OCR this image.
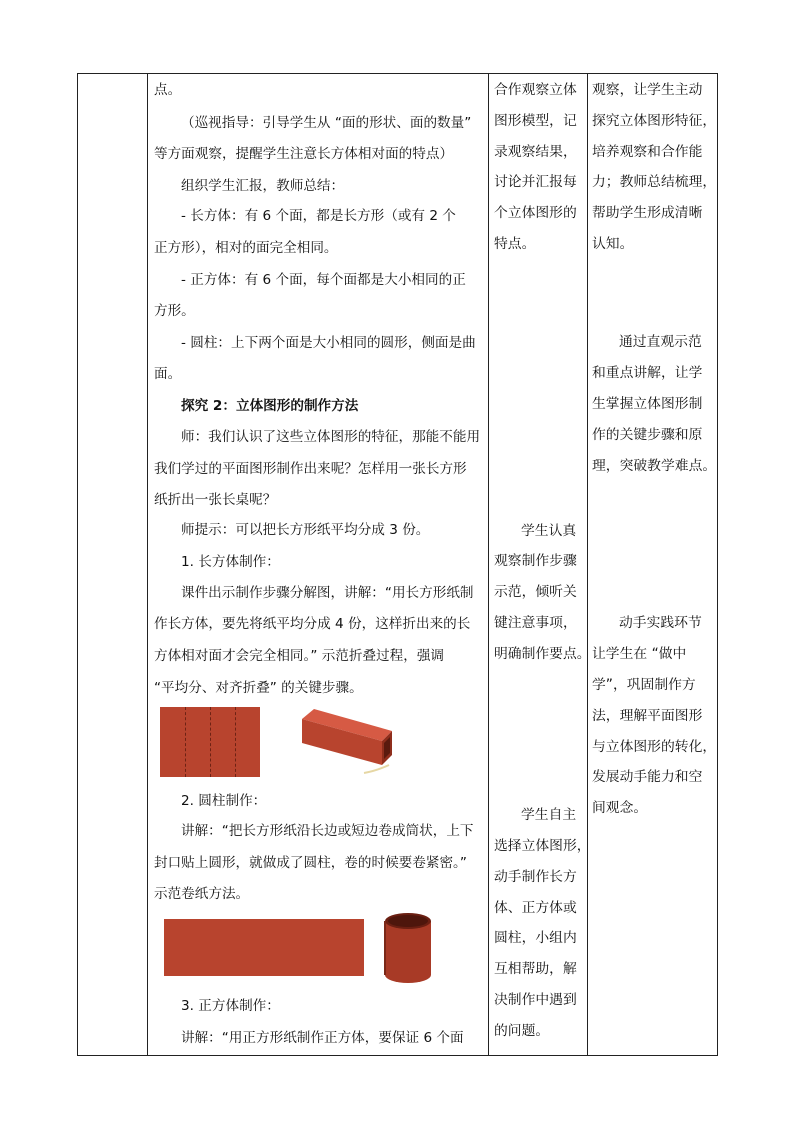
点。

（巡视指导：引导学生从 “面的形状、面的数量”

等方面观察，提醒学生注意长方体相对面的特点）

组织学生汇报，教师总结：

- 长方体：有 6 个面，都是长方形（或有 2 个

正方形），相对的面完全相同。

- 正方体：有 6 个面，每个面都是大小相同的正

方形。

- 圆柱：上下两个面是大小相同的圆形，侧面是曲

面。

探究 2：立体图形的制作方法

师：我们认识了这些立体图形的特征，那能不能用

我们学过的平面图形制作出来呢？怎样用一张长方形

纸折出一张长桌呢？

师提示：可以把长方形纸平均分成 3 份。

1. 长方体制作：

课件出示制作步骤分解图，讲解：“用长方形纸制

作长方体，要先将纸平均分成 4 份，这样折出来的长

方体相对面才会完全相同。” 示范折叠过程，强调

“平均分、对齐折叠” 的关键步骤。

2. 圆柱制作：

讲解：“把长方形纸沿长边或短边卷成筒状，上下

封口贴上圆形，就做成了圆柱，卷的时候要卷紧密。”

示范卷纸方法。

3. 正方体制作：

讲解：“用正方形纸制作正方体，要保证 6 个面

合作观察立体

图形模型，记

录观察结果，

讨论并汇报每

个立体图形的

特点。

学生认真

观察制作步骤

示范，倾听关

键注意事项，

明确制作要点。

学生自主

选择立体图形，

动手制作长方

体、正方体或

圆柱，小组内

互相帮助，解

决制作中遇到

的问题。

观察，让学生主动

探究立体图形特征，

培养观察和合作能

力；教师总结梳理，

帮助学生形成清晰

认知。

通过直观示范

和重点讲解，让学

生掌握立体图形制

作的关键步骤和原

理，突破教学难点。

动手实践环节

让学生在 “做中

学”，巩固制作方

法，理解平面图形

与立体图形的转化，

发展动手能力和空

间观念。
